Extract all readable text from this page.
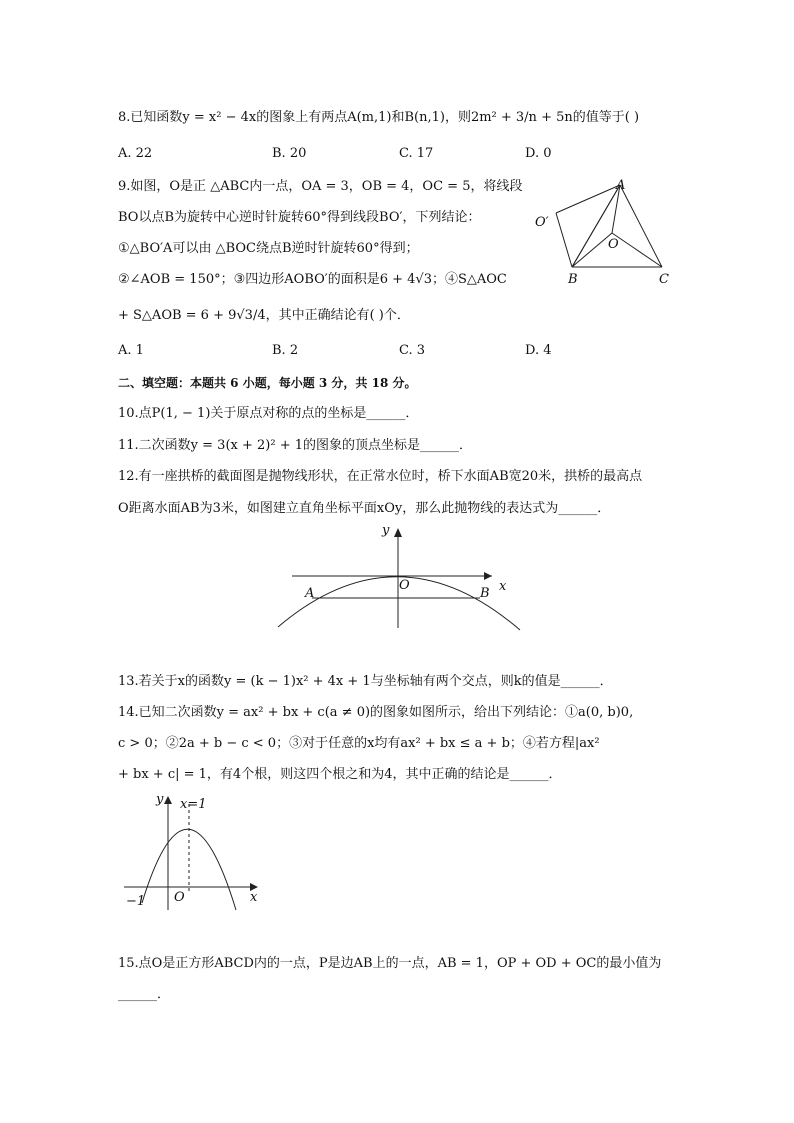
8.已知函数y = x² − 4x的图象上有两点A(m,1)和B(n,1)，则2m² + 3/n + 5n的值等于( )
A. 22	B. 20	C. 17	D. 0
9.如图，O是正 △ABC内一点，OA = 3，OB = 4，OC = 5，将线段
BO以点B为旋转中心逆时针旋转60°得到线段BO′，下列结论：
①△BO′A可以由 △BOC绕点B逆时针旋转60°得到；
②∠AOB = 150°；③四边形AOBO′的面积是6 + 4√3；④S△AOC
+ S△AOB = 6 + 9√3/4，其中正确结论有( )个．
A
B	C
O
O′
A. 1	B. 2	C. 3	D. 4
二、填空题：本题共 6 小题，每小题 3 分，共 18 分。
10.点P(1, − 1)关于原点对称的点的坐标是______．
11.二次函数y = 3(x + 2)² + 1的图象的顶点坐标是______．
12.有一座拱桥的截面图是抛物线形状，在正常水位时，桥下水面AB宽20米，拱桥的最高点
O距离水面AB为3米，如图建立直角坐标平面xOy，那么此抛物线的表达式为______．
y
x
O
A	B
13.若关于x的函数y = (k − 1)x² + 4x + 1与坐标轴有两个交点，则k的值是______．
14.已知二次函数y = ax² + bx + c(a ≠ 0)的图象如图所示，给出下列结论：①a(0, b)0,
c > 0；②2a + b − c < 0；③对于任意的x均有ax² + bx ≤ a + b；④若方程|ax²
+ bx + c| = 1，有4个根，则这四个根之和为4，其中正确的结论是______．
y
x
O
−1
x=1
15.点O是正方形ABCD内的一点，P是边AB上的一点，AB = 1，OP + OD + OC的最小值为
______．
